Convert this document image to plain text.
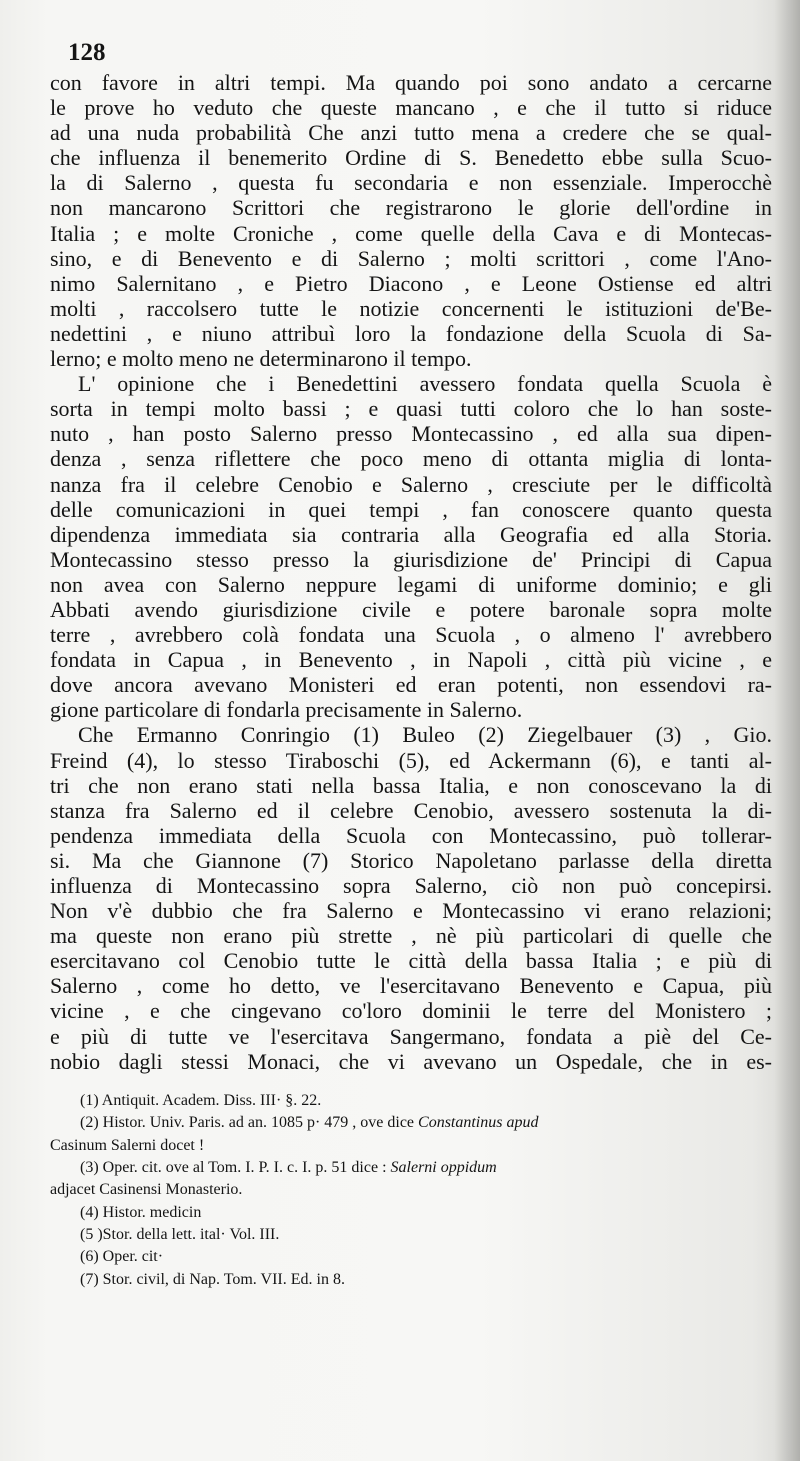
128
con favore in altri tempi. Ma quando poi sono andato a cercarne
le prove ho veduto che queste mancano , e che il tutto si riduce
ad una nuda probabilità Che anzi tutto mena a credere che se qual-
che influenza il benemerito Ordine di S. Benedetto ebbe sulla Scuo-
la di Salerno , questa fu secondaria e non essenziale. Imperocchè
non mancarono Scrittori che registrarono le glorie dell'ordine in
Italia ; e molte Croniche , come quelle della Cava e di Montecas-
sino, e di Benevento e di Salerno ; molti scrittori , come l'Ano-
nimo Salernitano , e Pietro Diacono , e Leone Ostiense ed altri
molti , raccolsero tutte le notizie concernenti le istituzioni de'Be-
nedettini , e niuno attribuì loro la fondazione della Scuola di Sa-
lerno; e molto meno ne determinarono il tempo.
L' opinione che i Benedettini avessero fondata quella Scuola è
sorta in tempi molto bassi ; e quasi tutti coloro che lo han soste-
nuto , han posto Salerno presso Montecassino , ed alla sua dipen-
denza , senza riflettere che poco meno di ottanta miglia di lonta-
nanza fra il celebre Cenobio e Salerno , cresciute per le difficoltà
delle comunicazioni in quei tempi , fan conoscere quanto questa
dipendenza immediata sia contraria alla Geografia ed alla Storia.
Montecassino stesso presso la giurisdizione de' Principi di Capua
non avea con Salerno neppure legami di uniforme dominio; e gli
Abbati avendo giurisdizione civile e potere baronale sopra molte
terre , avrebbero colà fondata una Scuola , o almeno l' avrebbero
fondata in Capua , in Benevento , in Napoli , città più vicine , e
dove ancora avevano Monisteri ed eran potenti, non essendovi ra-
gione particolare di fondarla precisamente in Salerno.
Che Ermanno Conringio (1) Buleo (2) Ziegelbauer (3) , Gio.
Freind (4), lo stesso Tiraboschi (5), ed Ackermann (6), e tanti al-
tri che non erano stati nella bassa Italia, e non conoscevano la di
stanza fra Salerno ed il celebre Cenobio, avessero sostenuta la di-
pendenza immediata della Scuola con Montecassino, può tollerar-
si. Ma che Giannone (7) Storico Napoletano parlasse della diretta
influenza di Montecassino sopra Salerno, ciò non può concepirsi.
Non v'è dubbio che fra Salerno e Montecassino vi erano relazioni;
ma queste non erano più strette , nè più particolari di quelle che
esercitavano col Cenobio tutte le città della bassa Italia ; e più di
Salerno , come ho detto, ve l'esercitavano Benevento e Capua, più
vicine , e che cingevano co'loro dominii le terre del Monistero ;
e più di tutte ve l'esercitava Sangermano, fondata a piè del Ce-
nobio dagli stessi Monaci, che vi avevano un Ospedale, che in es-
(1) Antiquit. Academ. Diss. III· §. 22.
(2) Histor. Univ. Paris. ad an. 1085 p· 479 , ove dice Constantinus apud
Casinum Salerni docet !
(3) Oper. cit. ove al Tom. I. P. I. c. I. p. 51 dice : Salerni oppidum
adjacet Casinensi Monasterio.
(4) Histor. medicin
(5 )Stor. della lett. ital· Vol. III.
(6) Oper. cit·
(7) Stor. civil, di Nap. Tom. VII. Ed. in 8.
